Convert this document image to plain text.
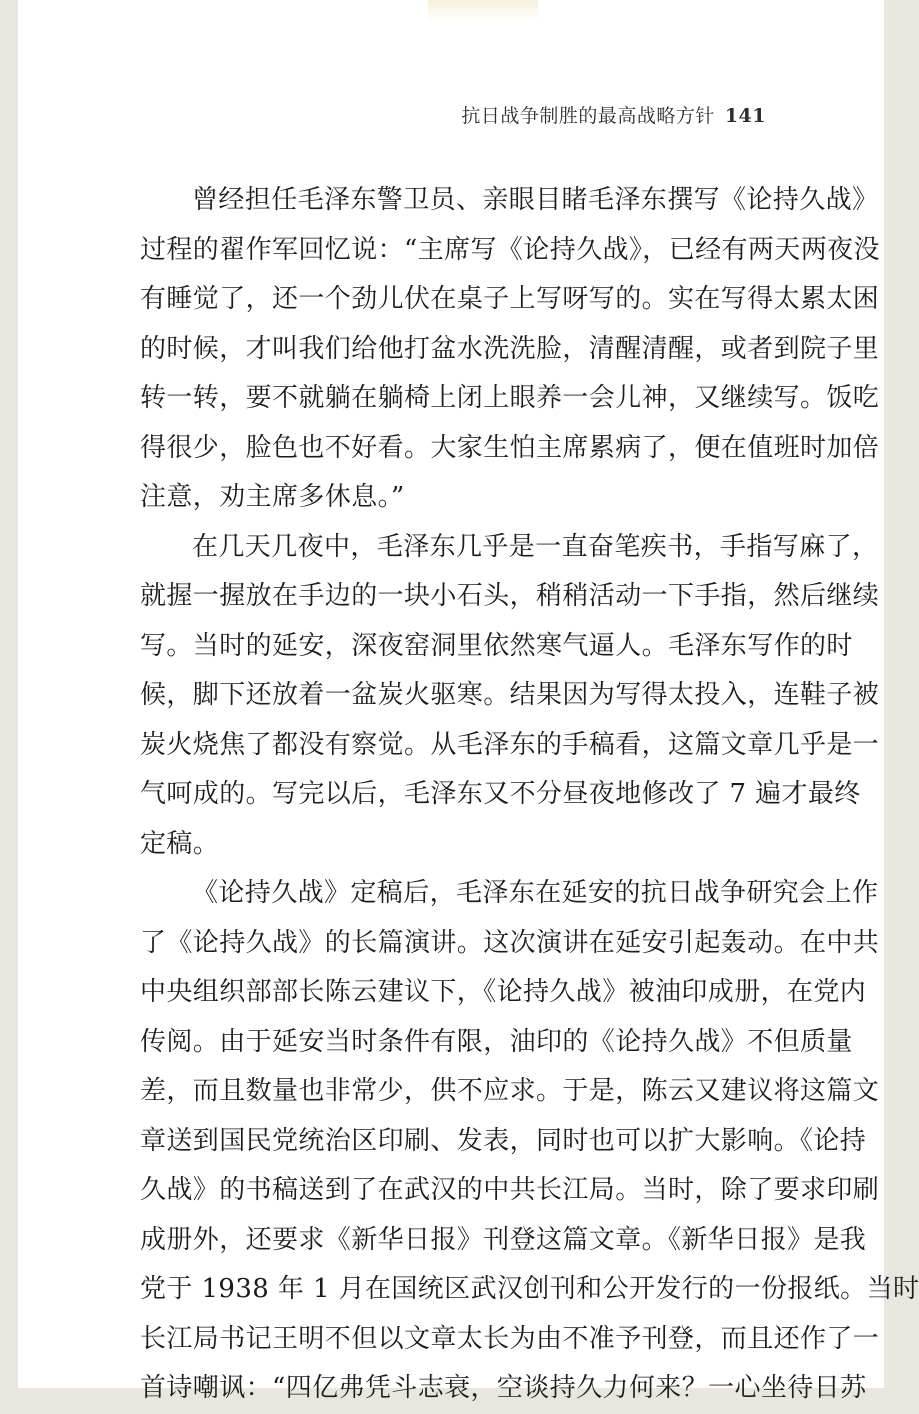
抗日战争制胜的最高战略方针 141
曾经担任毛泽东警卫员、亲眼目睹毛泽东撰写《论持久战》
过程的翟作军回忆说：“主席写《论持久战》，已经有两天两夜没
有睡觉了，还一个劲儿伏在桌子上写呀写的。实在写得太累太困
的时候，才叫我们给他打盆水洗洗脸，清醒清醒，或者到院子里
转一转，要不就躺在躺椅上闭上眼养一会儿神，又继续写。饭吃
得很少，脸色也不好看。大家生怕主席累病了，便在值班时加倍
注意，劝主席多休息。”
在几天几夜中，毛泽东几乎是一直奋笔疾书，手指写麻了，
就握一握放在手边的一块小石头，稍稍活动一下手指，然后继续
写。当时的延安，深夜窑洞里依然寒气逼人。毛泽东写作的时
候，脚下还放着一盆炭火驱寒。结果因为写得太投入，连鞋子被
炭火烧焦了都没有察觉。从毛泽东的手稿看，这篇文章几乎是一
气呵成的。写完以后，毛泽东又不分昼夜地修改了 7 遍才最终
定稿。
《论持久战》定稿后，毛泽东在延安的抗日战争研究会上作
了《论持久战》的长篇演讲。这次演讲在延安引起轰动。在中共
中央组织部部长陈云建议下，《论持久战》被油印成册，在党内
传阅。由于延安当时条件有限，油印的《论持久战》不但质量
差，而且数量也非常少，供不应求。于是，陈云又建议将这篇文
章送到国民党统治区印刷、发表，同时也可以扩大影响。《论持
久战》的书稿送到了在武汉的中共长江局。当时，除了要求印刷
成册外，还要求《新华日报》刊登这篇文章。《新华日报》是我
党于 1938 年 1 月在国统区武汉创刊和公开发行的一份报纸。当时
长江局书记王明不但以文章太长为由不准予刊登，而且还作了一
首诗嘲讽：“四亿弗凭斗志衰，空谈持久力何来？一心坐待日苏
